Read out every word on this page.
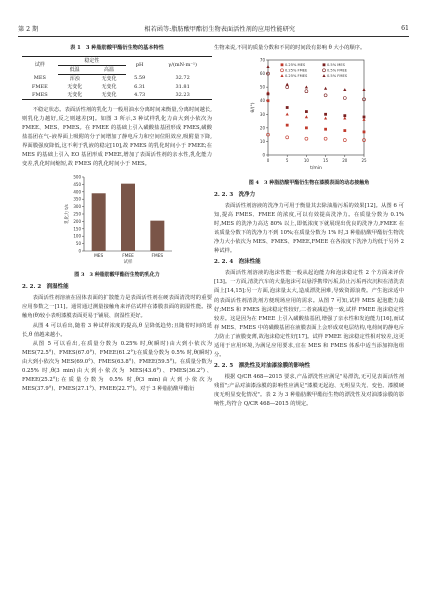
第 2 期	相若函等:脂肪酸甲酯衍生物表面活性剂的应用性能研究	61
表 1　3 种脂肪酸甲酯衍生物的基本特性
试样	稳定性		pH	γ/(mN·m⁻¹)
	低温	高温		
MES	浑浊	无变化	5.59	32.72
FMEE	无变化	无变化	6.31	31.81
FMES	无变化	无变化	4.73	32.23

不稳定状态。表面活性剂的乳化力一般用油水分离时间来衡量,分离时间越长,则乳化力越好,反之则越差[9]。如图 3 所示,3 种试样乳化力由大到小依次为 FMEE、MES、FMES。在 FMEE 的基础上引入磺酸盐基团形成 FMES,磺酸盐基团在气–液界面上吸附的分子间增加了静电斥力和空间位阻效应,吸附量下降,界面膜强度降低,这不利于乳液的稳定[10],故 FMES 的乳化时间小于 FMEE;在 MES 的基础上引入 EO 基团形成 FMEE,增加了表面活性剂的亲水性,乳化能力变差,乳化时间缩短,故 FMES 的乳化时间小于 MES。

0
50
100
150
200
250
300
350
400
450
500
MES	FMEE	FMES
试样
乳化力 t/s
图 3　3 种脂肪酸甲酯衍生物的乳化力
2. 2. 2　润湿性能

表面活性剂溶液在固体表面的扩散能力是表面活性剂在硬表面清洗时的重要应用参数之一[11]。通常通过测量接触角来评估试样在漆膜表面的润湿性能。接触角(θ)较小表明漆膜表面更易于铺展、润湿性更好。

从图 4 可以看出,随着 3 种试样浓度的提高,θ 呈降低趋势;且随着时间的延长,θ 值越来越小。

从图 5 可以看出,在质量分数为 0.25% 时,θ(瞬时)由大到小依次为 MES(72.5°)、FMES(67.0°)、FMEE(61.2°);在质量分数为 0.5% 时,θ(瞬时)由大到小依次为 MES(69.0°)、FMES(63.8°)、FMEE(59.5°)。在质量分数为 0.25% 时,θ(3 min)由大到小依次为 MES(43.6°)、FMES(36.2°)、FMEE(25.2°);在质量分数为 0.5% 时,θ(3 min)由大到小依次为 MES(37.9°)、FMES(27.1°)、FMEE(22.7°)。对于 3 种脂肪酸甲酯衍

生物来说,不同的质量分数和不同的时间段有影响 θ 大小的顺序。

0
10
20
30
40
50
60
70
0	5	10	15	20	25
t/min
θ/(°)
0.25% MES
0.25% FMEE
0.25% FMES
0.5% MES
0.5% FMEE
0.5% FMES
图 4　3 种脂肪酸甲酯衍生物在漆膜表面的动态接触角
2. 2. 3　洗净力

表面活性剂溶液的洗净力可用于衡量其去除油脂污垢的效果[12]。从图 6 可知,提高 FMES、FMEE 的浓度,可以有效提高洗净力。在质量分数为 0.1% 时,MES 的洗净力高达 80% 以上,即低浓度下就展现出优良的洗净力,FMEE 在该质量分数下的洗净力不到 10%;在质量分数为 1% 时,3 种脂肪酸甲酯衍生物洗净力大小依次为 MES、FMES、FMEE,FMEE 在各浓度下洗净力均低于另外 2 种试样。

2. 2. 4　泡沫性能

表面活性剂溶液的泡沫性能一般从起泡能力和泡沫稳定性 2 个方面来评价[13]。一方面,清洗汽车的大量泡沫可以悬浮携带污垢,防止污垢再次沉积在清洗表面上[14,15];另一方面,泡沫量太大,造成漂洗困难,导致资源浪费。产生泡沫适中的表面活性剂清洗剂方便现场应用的需求。从图 7 可知,试样 MES 起泡能力最好;MES 和 FMES 泡沫稳定性较好,二者衰减趋势一致,试样 FMEE 泡沫稳定性较差。这是因为在 FMEE 上引入磺酸盐基团,增强了亲水性和发泡能力[16],而试样 MES、FMES 中的磺酸基团在液膜表面上会形成双电层结构,电荷间的静电斥力防止了液膜变薄,故泡沫稳定性好[17]。试样 FMEE 泡沫稳定性相对较差,这更适用于应用环境,为满足应用要求,宜在 MES 和 FMES 体系中适当添加抑泡组分。

2. 2. 5　漂洗性及对油漆涂膜的影响性

根据 Q/CR 468—2015 要求,产品漂洗性应满足"易漂洗,无可见表面活性剂残留";产品对油漆涂膜的影响性应满足"漆膜无起泡、无明显失光、变色、漆膜硬度无明显变化情况"。表 2 为 3 种脂肪酸甲酯衍生物的漂洗性及对油漆涂膜的影响性,均符合 Q/CR 468—2015 的规定。
